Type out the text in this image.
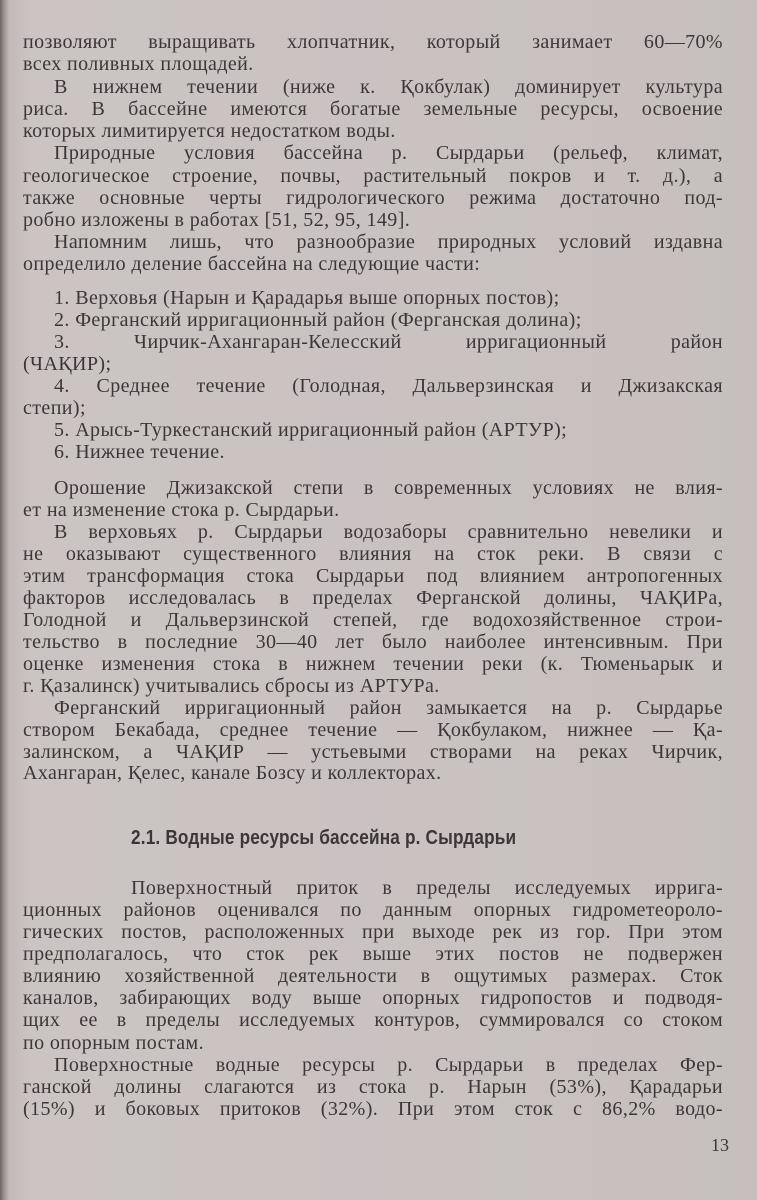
позволяют выращивать хлопчатник, который занимает 60—70%
всех поливных площадей.
В нижнем течении (ниже к. Қокбулак) доминирует культура
риса. В бассейне имеются богатые земельные ресурсы, освоение
которых лимитируется недостатком воды.
Природные условия бассейна р. Сырдарьи (рельеф, климат,
геологическое строение, почвы, растительный покров и т. д.), а
также основные черты гидрологического режима достаточно под-
робно изложены в работах [51, 52, 95, 149].
Напомним лишь, что разнообразие природных условий издавна
определило деление бассейна на следующие части:
1. Верховья (Нарын и Қарадарья выше опорных постов);
2. Ферганский ирригационный район (Ферганская долина);
3. Чирчик-Ахангаран-Келесский ирригационный район
(ЧАҚИР);
4. Среднее течение (Голодная, Дальверзинская и Джизакская
степи);
5. Арысь-Туркестанский ирригационный район (АРТУР);
6. Нижнее течение.
Орошение Джизакской степи в современных условиях не влия-
ет на изменение стока р. Сырдарьи.
В верховьях р. Сырдарьи водозаборы сравнительно невелики и
не оказывают существенного влияния на сток реки. В связи с
этим трансформация стока Сырдарьи под влиянием антропогенных
факторов исследовалась в пределах Ферганской долины, ЧАҚИРа,
Голодной и Дальверзинской степей, где водохозяйственное строи-
тельство в последние 30—40 лет было наиболее интенсивным. При
оценке изменения стока в нижнем течении реки (к. Тюменьарык и
г. Қазалинск) учитывались сбросы из АРТУРа.
Ферганский ирригационный район замыкается на р. Сырдарье
створом Бекабада, среднее течение — Қокбулаком, нижнее — Қа-
залинском, а ЧАҚИР — устьевыми створами на реках Чирчик,
Ахангаран, Қелес, канале Бозсу и коллекторах.
Поверхностный приток в пределы исследуемых ирригa-
ционных районов оценивался по данным опорных гидрометеороло-
гических постов, расположенных при выходе рек из гор. При этом
предполагалось, что сток рек выше этих постов не подвержен
влиянию хозяйственной деятельности в ощутимых размерах. Сток
каналов, забирающих воду выше опорных гидропостов и подводя-
щих ее в пределы исследуемых контуров, суммировался со стоком
по опорным постам.
Поверхностные водные ресурсы р. Сырдарьи в пределах Фер-
ганской долины слагаются из стока р. Нарын (53%), Қарадарьи
(15%) и боковых притоков (32%). При этом сток с 86,2% водо-
2.1. Водные ресурсы бассейна р. Сырдарьи
13
